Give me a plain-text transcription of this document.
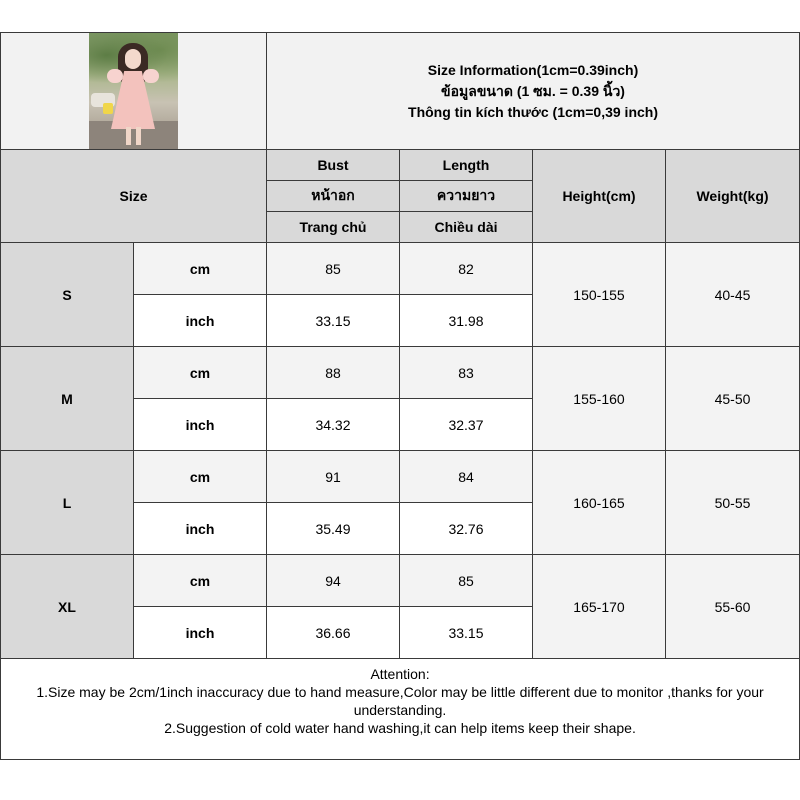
		Size Information(1cm=0.39inch)
ข้อมูลขนาด (1 ซม. = 0.39 นิ้ว)
Thông tin kích thước (1cm=0,39 inch)			

Size		Bust	Length	Height(cm)	Weight(kg)
		หน้าอก	ความยาว		
		Trang chủ	Chiều dài		
S	cm	85	82	150-155	40-45
	inch	33.15	31.98		
M	cm	88	83	155-160	45-50
	inch	34.32	32.37		
L	cm	91	84	160-165	50-55
	inch	35.49	32.76		
XL	cm	94	85	165-170	55-60
	inch	36.66	33.15		

Attention:
1.Size may be 2cm/1inch inaccuracy due to hand measure,Color may be little different due to monitor ,thanks for your understanding.
2.Suggestion of cold water hand washing,it can help items keep their shape.					
